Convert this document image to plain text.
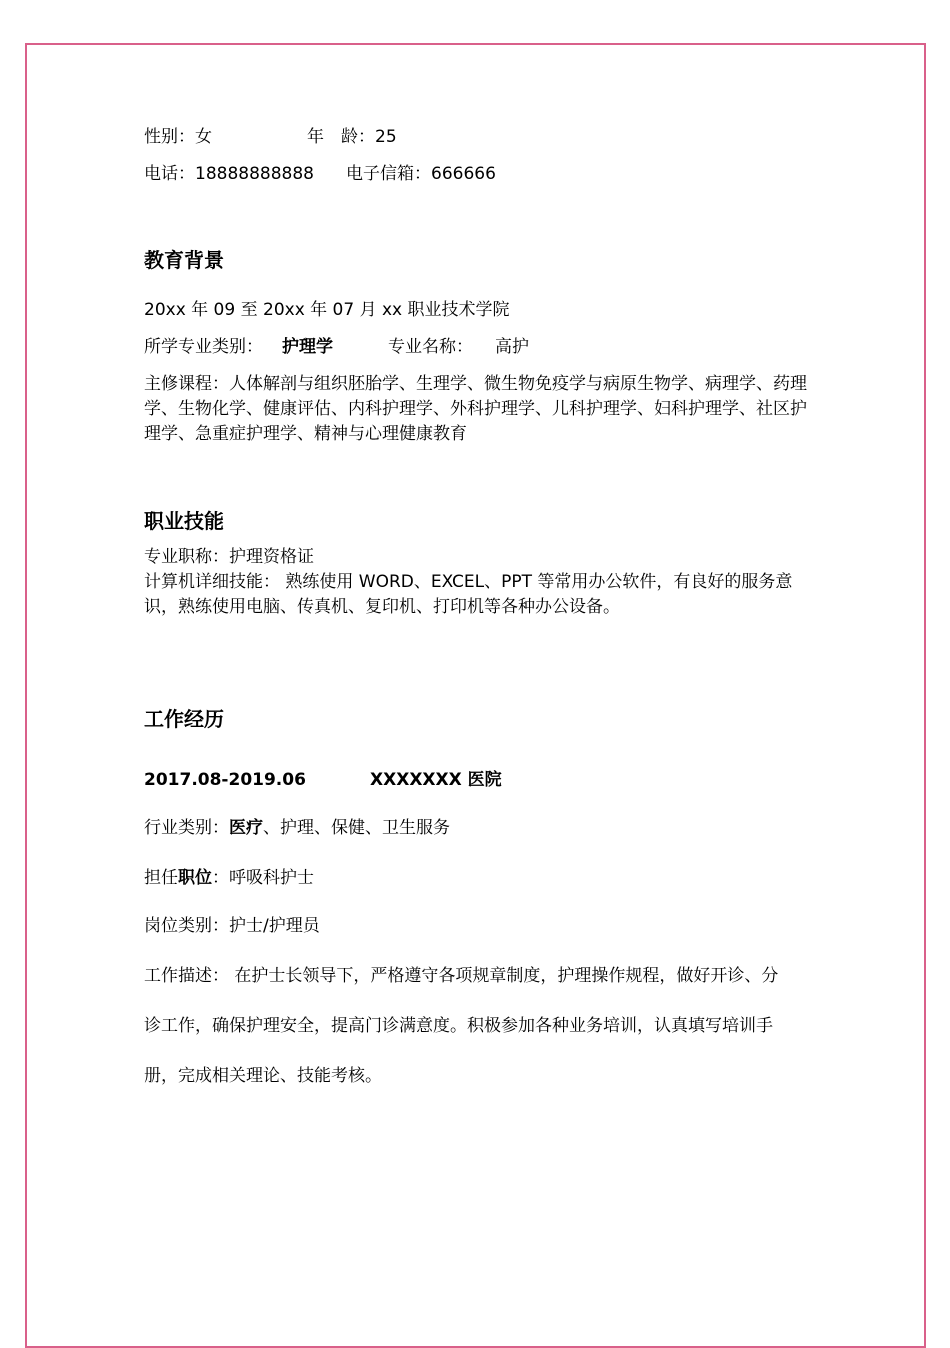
性别：女	年　龄：25
电话：18888888888 电子信箱：666666
教育背景
20xx 年 09 至 20xx 年 07 月 xx 职业技术学院
所学专业类别： 护理学	专业名称： 高护
主修课程：人体解剖与组织胚胎学、生理学、微生物免疫学与病原生物学、病理学、药理学、生物化学、健康评估、内科护理学、外科护理学、儿科护理学、妇科护理学、社区护理学、急重症护理学、精神与心理健康教育
职业技能
专业职称：护理资格证
计算机详细技能： 熟练使用 WORD、EXCEL、PPT 等常用办公软件，有良好的服务意识，熟练使用电脑、传真机、复印机、打印机等各种办公设备。
工作经历
2017.08-2019.06	XXXXXXX 医院
行业类别：医疗、护理、保健、卫生服务
担任职位：呼吸科护士
岗位类别：护士/护理员
工作描述： 在护士长领导下，严格遵守各项规章制度，护理操作规程，做好开诊、分
诊工作，确保护理安全，提高门诊满意度。积极参加各种业务培训，认真填写培训手
册，完成相关理论、技能考核。
